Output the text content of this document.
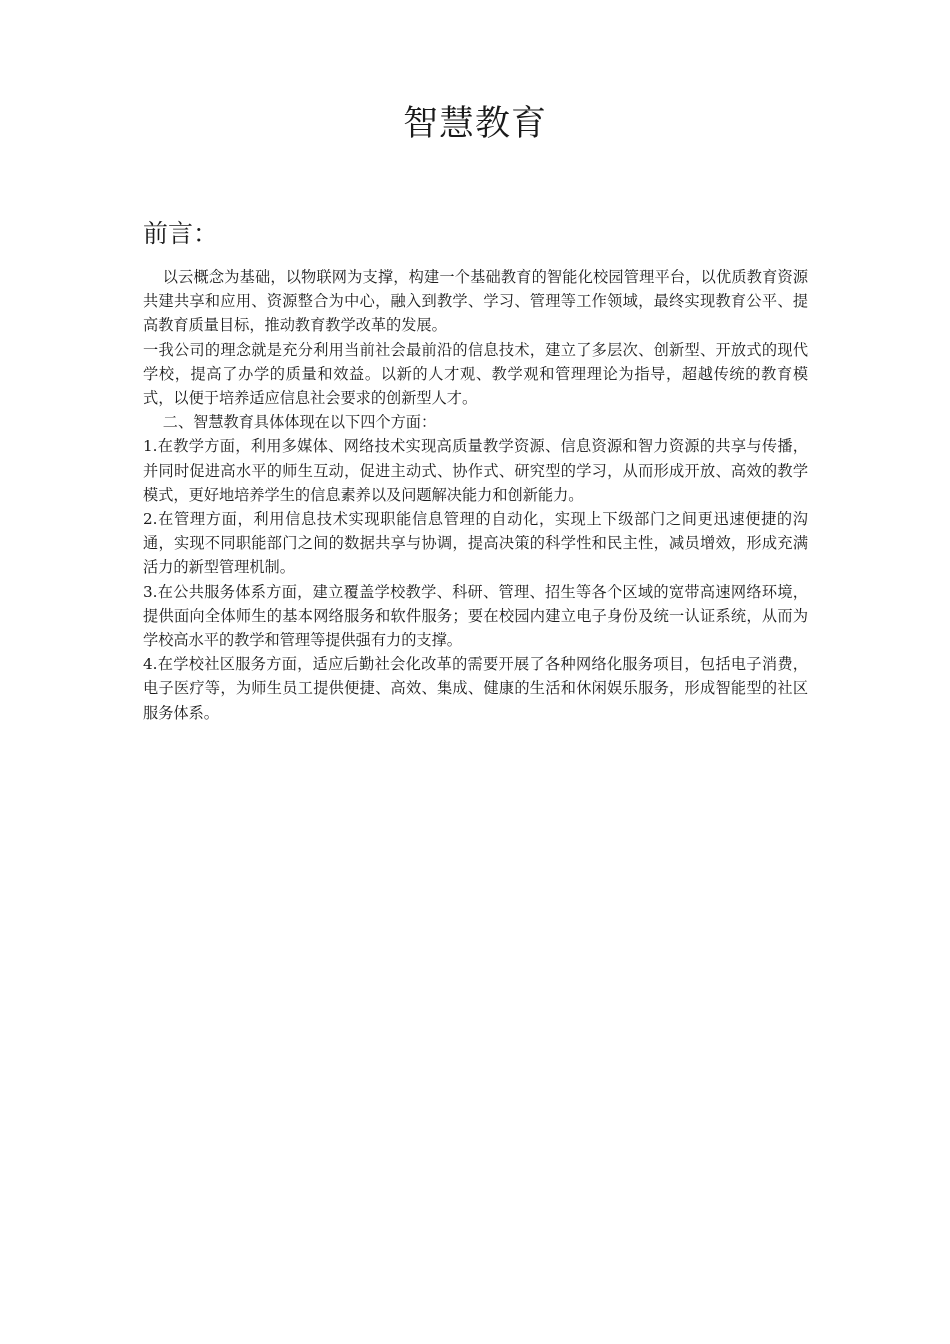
智慧教育
前言：

以云概念为基础，以物联网为支撑，构建一个基础教育的智能化校园管理平台，以优质教育资源共建共享和应用、资源整合为中心，融入到教学、学习、管理等工作领域，最终实现教育公平、提高教育质量目标，推动教育教学改革的发展。

一我公司的理念就是充分利用当前社会最前沿的信息技术，建立了多层次、创新型、开放式的现代学校，提高了办学的质量和效益。以新的人才观、教学观和管理理论为指导，超越传统的教育模式，以便于培养适应信息社会要求的创新型人才。

二、智慧教育具体体现在以下四个方面：

1.在教学方面，利用多媒体、网络技术实现高质量教学资源、信息资源和智力资源的共享与传播，并同时促进高水平的师生互动，促进主动式、协作式、研究型的学习，从而形成开放、高效的教学模式，更好地培养学生的信息素养以及问题解决能力和创新能力。

2.在管理方面，利用信息技术实现职能信息管理的自动化，实现上下级部门之间更迅速便捷的沟通，实现不同职能部门之间的数据共享与协调，提高决策的科学性和民主性，减员增效，形成充满活力的新型管理机制。

3.在公共服务体系方面，建立覆盖学校教学、科研、管理、招生等各个区域的宽带高速网络环境，提供面向全体师生的基本网络服务和软件服务；要在校园内建立电子身份及统一认证系统，从而为学校高水平的教学和管理等提供强有力的支撑。

4.在学校社区服务方面，适应后勤社会化改革的需要开展了各种网络化服务项目，包括电子消费，电子医疗等，为师生员工提供便捷、高效、集成、健康的生活和休闲娱乐服务，形成智能型的社区服务体系。
